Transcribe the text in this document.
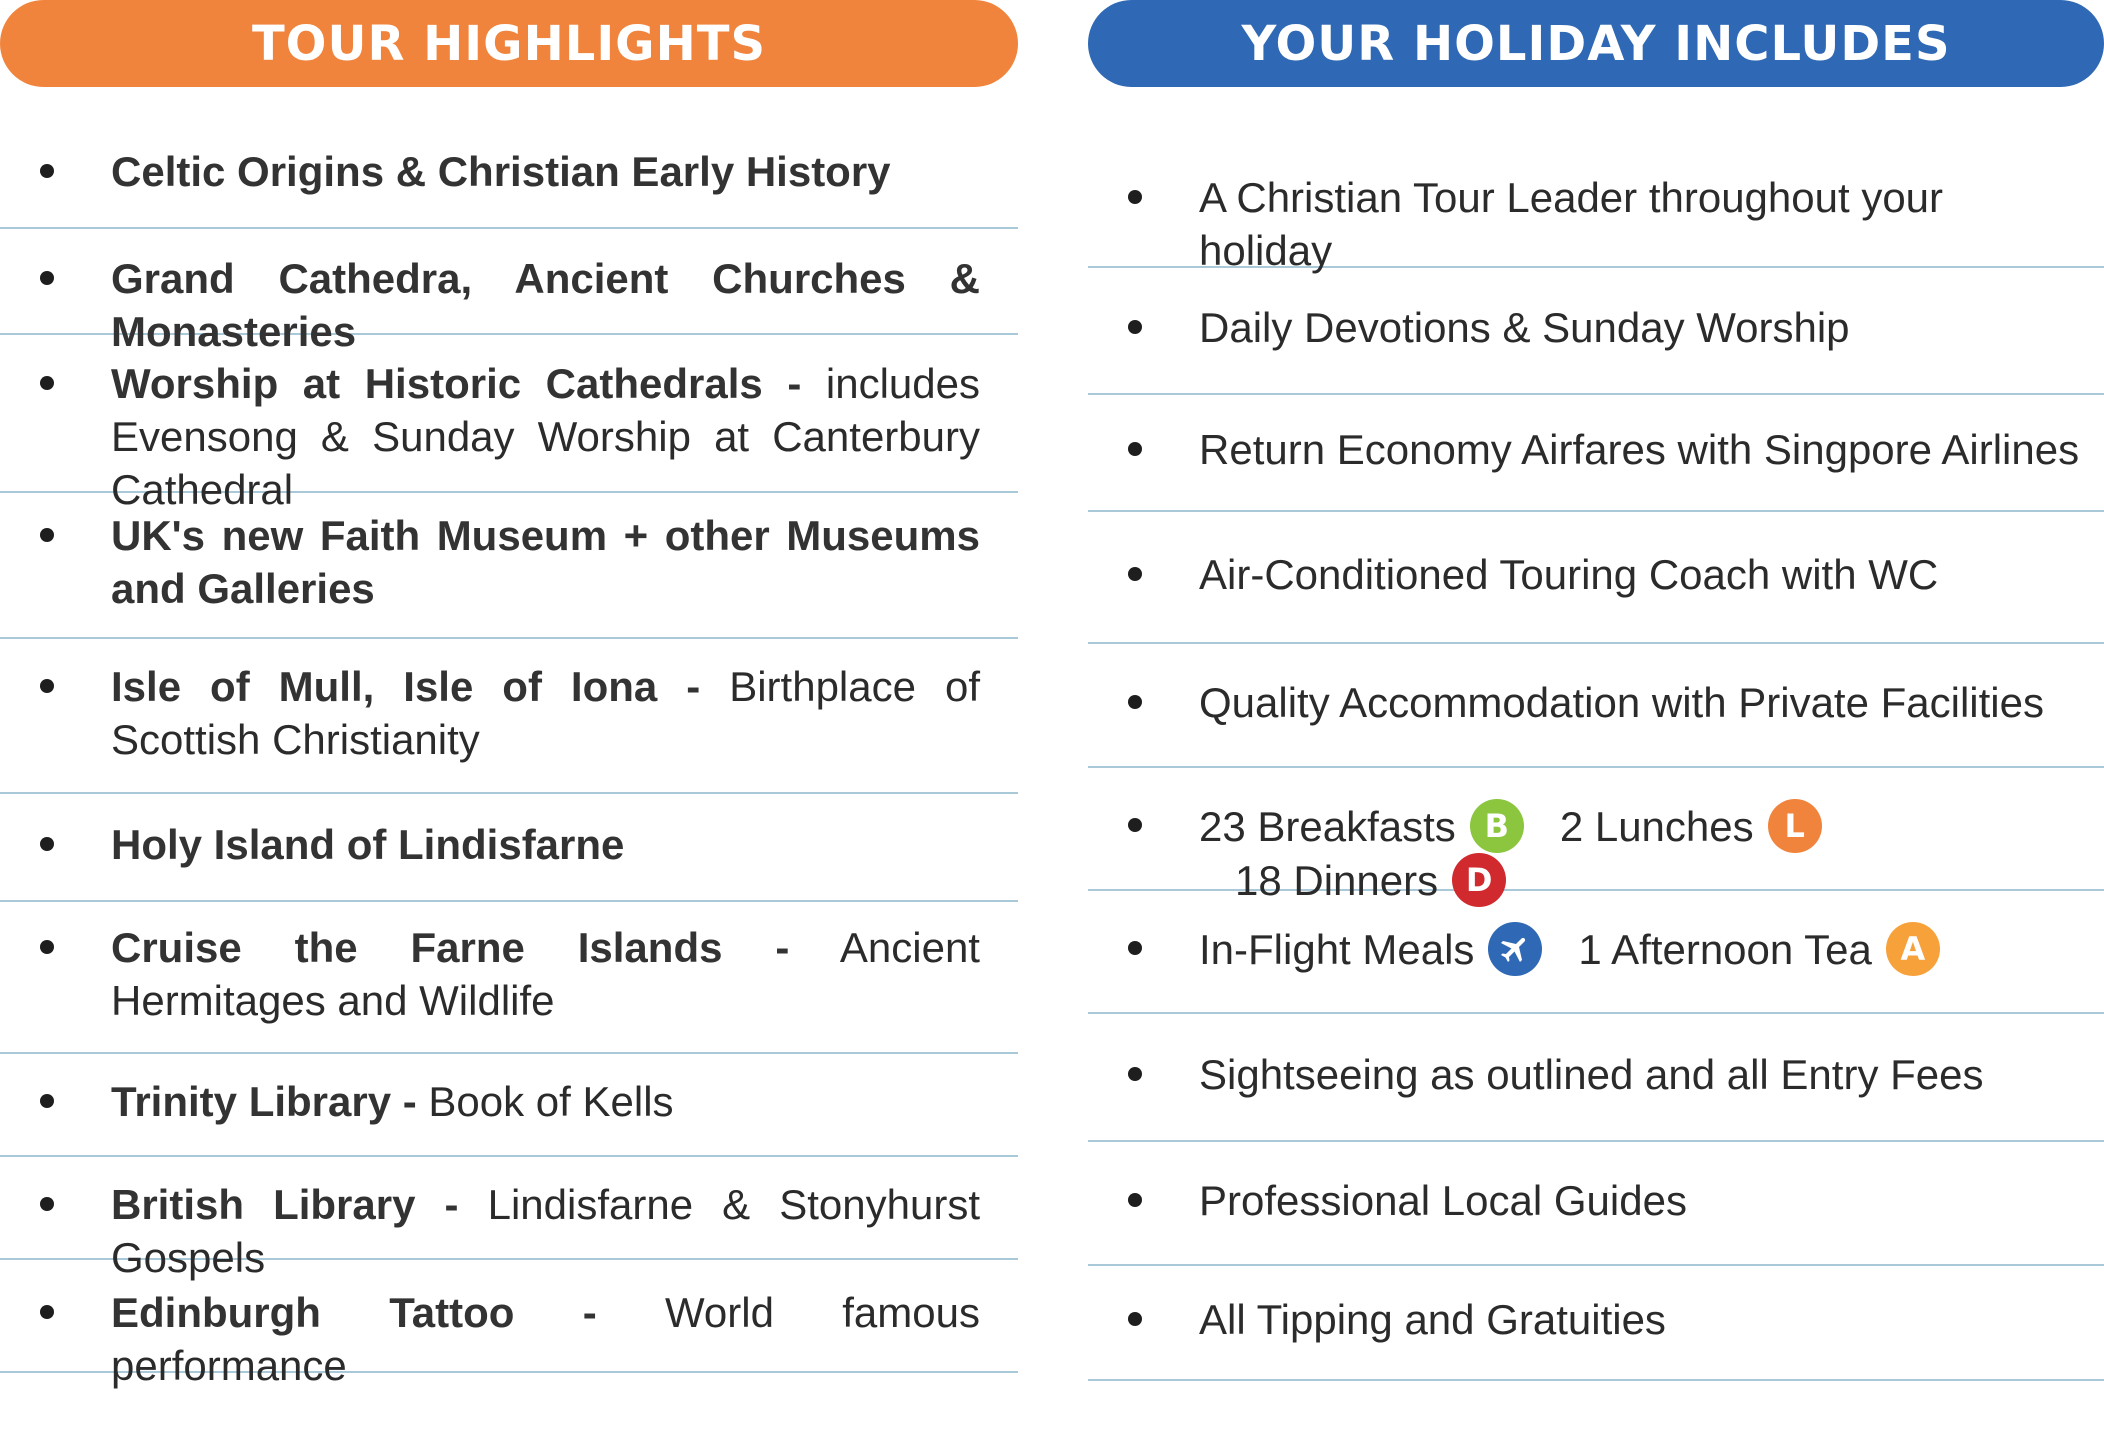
TOUR HIGHLIGHTS
Celtic Origins & Christian Early History
Grand Cathedra, Ancient Churches & Monasteries
Worship at Historic Cathedrals - includes Evensong & Sunday Worship at Canterbury Cathedral
UK's new Faith Museum + other Museums and Galleries
Isle of Mull, Isle of Iona - Birthplace of Scottish Christianity
Holy Island of Lindisfarne
Cruise the Farne Islands - Ancient Hermitages and Wildlife
Trinity Library - Book of Kells
British Library - Lindisfarne & Stonyhurst Gospels
Edinburgh Tattoo - World famous performance
YOUR HOLIDAY INCLUDES
A Christian Tour Leader throughout your holiday
Daily Devotions & Sunday Worship
Return Economy Airfares with Singpore Airlines
Air-Conditioned Touring Coach with WC
Quality Accommodation with Private Facilities
23 Breakfasts B	2 Lunches L
18 Dinners D
In-Flight Meals 1 Afternoon Tea A
Sightseeing as outlined and all Entry Fees
Professional Local Guides
All Tipping and Gratuities
